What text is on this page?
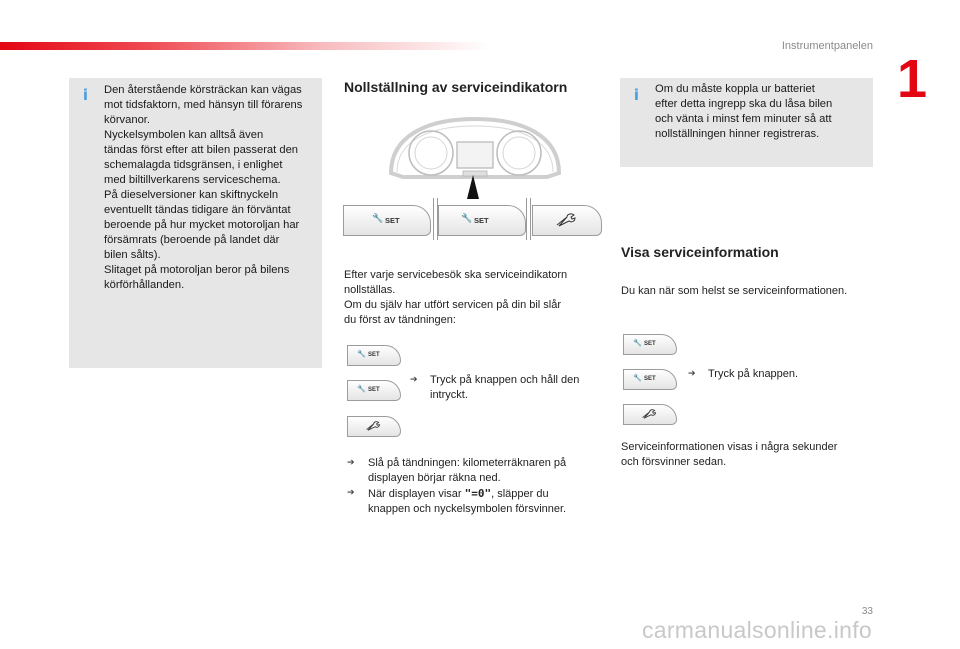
Instrumentpanelen
1
i Den återstående körsträckan kan vägas
mot tidsfaktorn, med hänsyn till förarens
körvanor.
Nyckelsymbolen kan alltså även
tändas först efter att bilen passerat den
schemalagda tidsgränsen, i enlighet
med biltillverkarens serviceschema.
På dieselversioner kan skiftnyckeln
eventuellt tändas tidigare än förväntat
beroende på hur mycket motoroljan har
försämrats (beroende på landet där
bilen sålts).
Slitaget på motoroljan beror på bilens
körförhållanden.
Nollställning av serviceindikatorn
🔧 SET	🔧 SET
Efter varje servicebesök ska serviceindikatorn
nollställas.
Om du själv har utfört servicen på din bil slår
du först av tändningen:
🔧 SET
🔧 SET
➔ Tryck på knappen och håll den
intryckt.
➔ Slå på tändningen: kilometerräknaren på
displayen börjar räkna ned.
➔ När displayen visar "=0", släpper du
knappen och nyckelsymbolen försvinner.
i Om du måste koppla ur batteriet
efter detta ingrepp ska du låsa bilen
och vänta i minst fem minuter så att
nollställningen hinner registreras.
Visa serviceinformation
Du kan när som helst se serviceinformationen.
🔧 SET
🔧 SET	➔ Tryck på knappen.
Serviceinformationen visas i några sekunder
och försvinner sedan.
33
carmanualsonline.info
